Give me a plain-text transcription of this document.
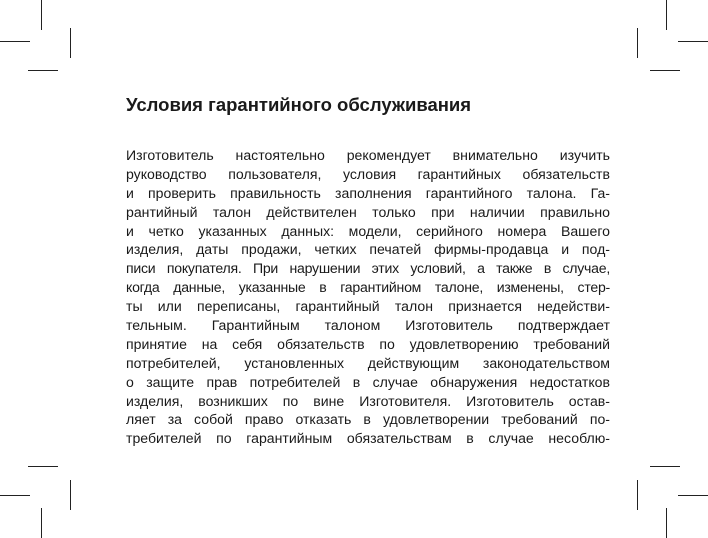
Условия гарантийного обслуживания
Изготовитель настоятельно рекомендует внимательно изучить
руководство пользователя, условия гарантийных обязательств
и проверить правильность заполнения гарантийного талона. Га-
рантийный талон действителен только при наличии правильно
и четко указанных данных: модели, серийного номера Вашего
изделия, даты продажи, четких печатей фирмы-продавца и под-
писи покупателя. При нарушении этих условий, а также в случае,
когда данные, указанные в гарантийном талоне, изменены, стер-
ты или переписаны, гарантийный талон признается недействи-
тельным. Гарантийным талоном Изготовитель подтверждает
принятие на себя обязательств по удовлетворению требований
потребителей, установленных действующим законодательством
о защите прав потребителей в случае обнаружения недостатков
изделия, возникших по вине Изготовителя. Изготовитель остав-
ляет за собой право отказать в удовлетворении требований по-
требителей по гарантийным обязательствам в случае несоблю-
